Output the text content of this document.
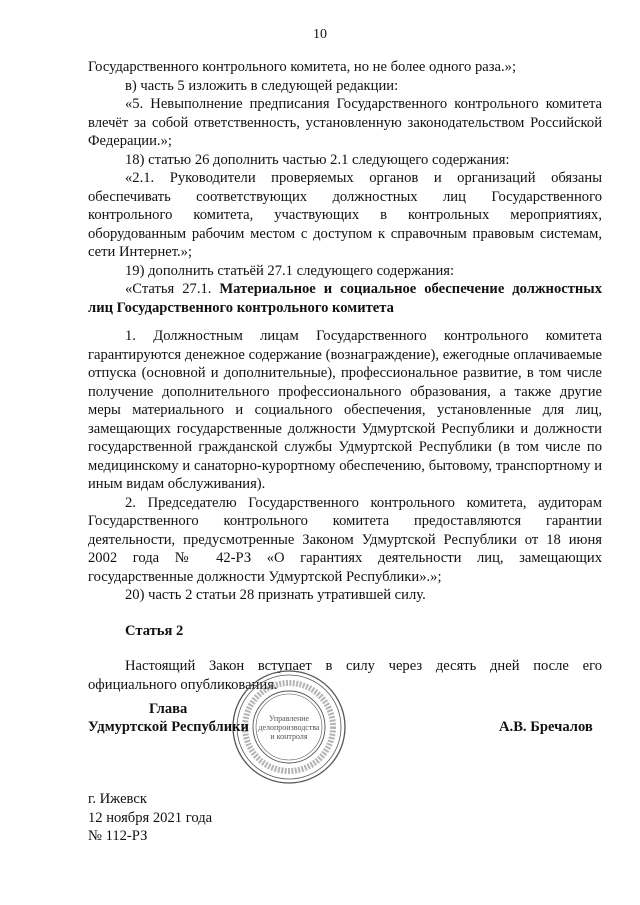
10

Государственного контрольного комитета, но не более одного раза.»;

в) часть 5 изложить в следующей редакции:

«5. Невыполнение предписания Государственного контрольного комитета влечёт за собой ответственность, установленную законодательством Российской Федерации.»;

18) статью 26 дополнить частью 2.1 следующего содержания:

«2.1. Руководители проверяемых органов и организаций обязаны обеспечивать соответствующих должностных лиц Государственного контрольного комитета, участвующих в контрольных мероприятиях, оборудованным рабочим местом с доступом к справочным правовым системам, сети Интернет.»;

19) дополнить статьёй 27.1 следующего содержания:

«Статья 27.1. Материальное и социальное обеспечение должностных

лиц Государственного контрольного комитета

1. Должностным лицам Государственного контрольного комитета гарантируются денежное содержание (вознаграждение), ежегодные оплачиваемые отпуска (основной и дополнительные), профессиональное развитие, в том числе получение дополнительного профессионального образования, а также другие меры материального и социального обеспечения, установленные для лиц, замещающих государственные должности Удмуртской Республики и должности государственной гражданской службы Удмуртской Республики (в том числе по медицинскому и санаторно-курортному обеспечению, бытовому, транспортному и иным видам обслуживания).

2. Председателю Государственного контрольного комитета, аудиторам Государственного контрольного комитета предоставляются гарантии деятельности, предусмотренные Законом Удмуртской Республики от 18 июня 2002 года № 42-РЗ «О гарантиях деятельности лиц, замещающих государственные должности Удмуртской Республики».»;

20) часть 2 статьи 28 признать утратившей силу.

Статья 2

Настоящий Закон вступает в силу через десять дней после его официального опубликования.

Управление
делопроизводства
и контроля
Глава
Удмуртской Республики	А.В. Бречалов
г. Ижевск
12 ноября 2021 года
№ 112-РЗ
